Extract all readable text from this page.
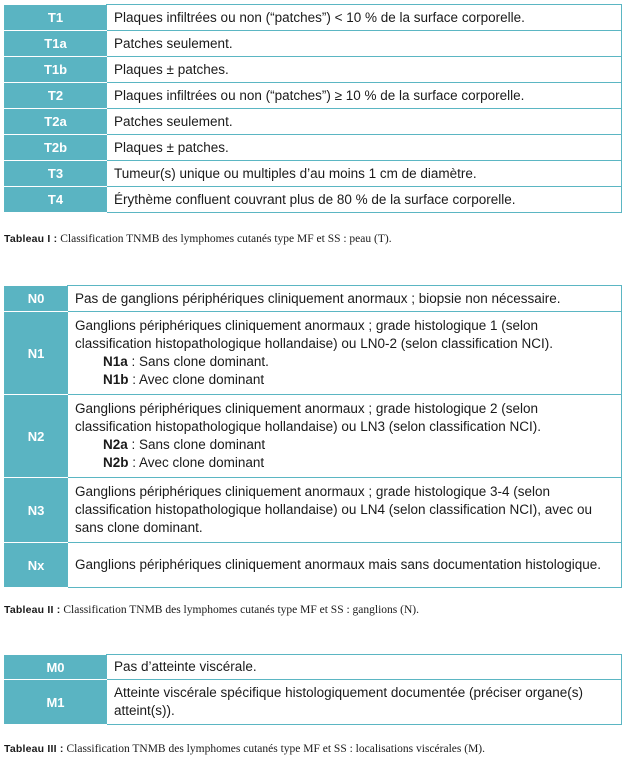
T1	Plaques infiltrées ou non (“patches”) < 10 % de la surface corporelle.
T1a	Patches seulement.
T1b	Plaques ± patches.
T2	Plaques infiltrées ou non (“patches”) ≥ 10 % de la surface corporelle.
T2a	Patches seulement.
T2b	Plaques ± patches.
T3	Tumeur(s) unique ou multiples d’au moins 1 cm de diamètre.
T4	Érythème confluent couvrant plus de 80 % de la surface corporelle.
Tableau I : Classification TNMB des lymphomes cutanés type MF et SS : peau (T).
N0	Pas de ganglions périphériques cliniquement anormaux ; biopsie non nécessaire.
N1	Ganglions périphériques cliniquement anormaux ; grade histologique 1 (selon classification histopathologique hollandaise) ou LN0-2 (selon classification NCI).
N1a : Sans clone dominant.
N1b : Avec clone dominant

N2	Ganglions périphériques cliniquement anormaux ; grade histologique 2 (selon classification histopathologique hollandaise) ou LN3 (selon classification NCI).
N2a : Sans clone dominant
N2b : Avec clone dominant

N3	Ganglions périphériques cliniquement anormaux ; grade histologique 3-4 (selon classification histopathologique hollandaise) ou LN4 (selon classification NCI), avec ou sans clone dominant.
Nx	Ganglions périphériques cliniquement anormaux mais sans documentation histologique.
Tableau II : Classification TNMB des lymphomes cutanés type MF et SS : ganglions (N).
M0	Pas d’atteinte viscérale.
M1	Atteinte viscérale spécifique histologiquement documentée (préciser organe(s) atteint(s)).
Tableau III : Classification TNMB des lymphomes cutanés type MF et SS : localisations viscérales (M).
